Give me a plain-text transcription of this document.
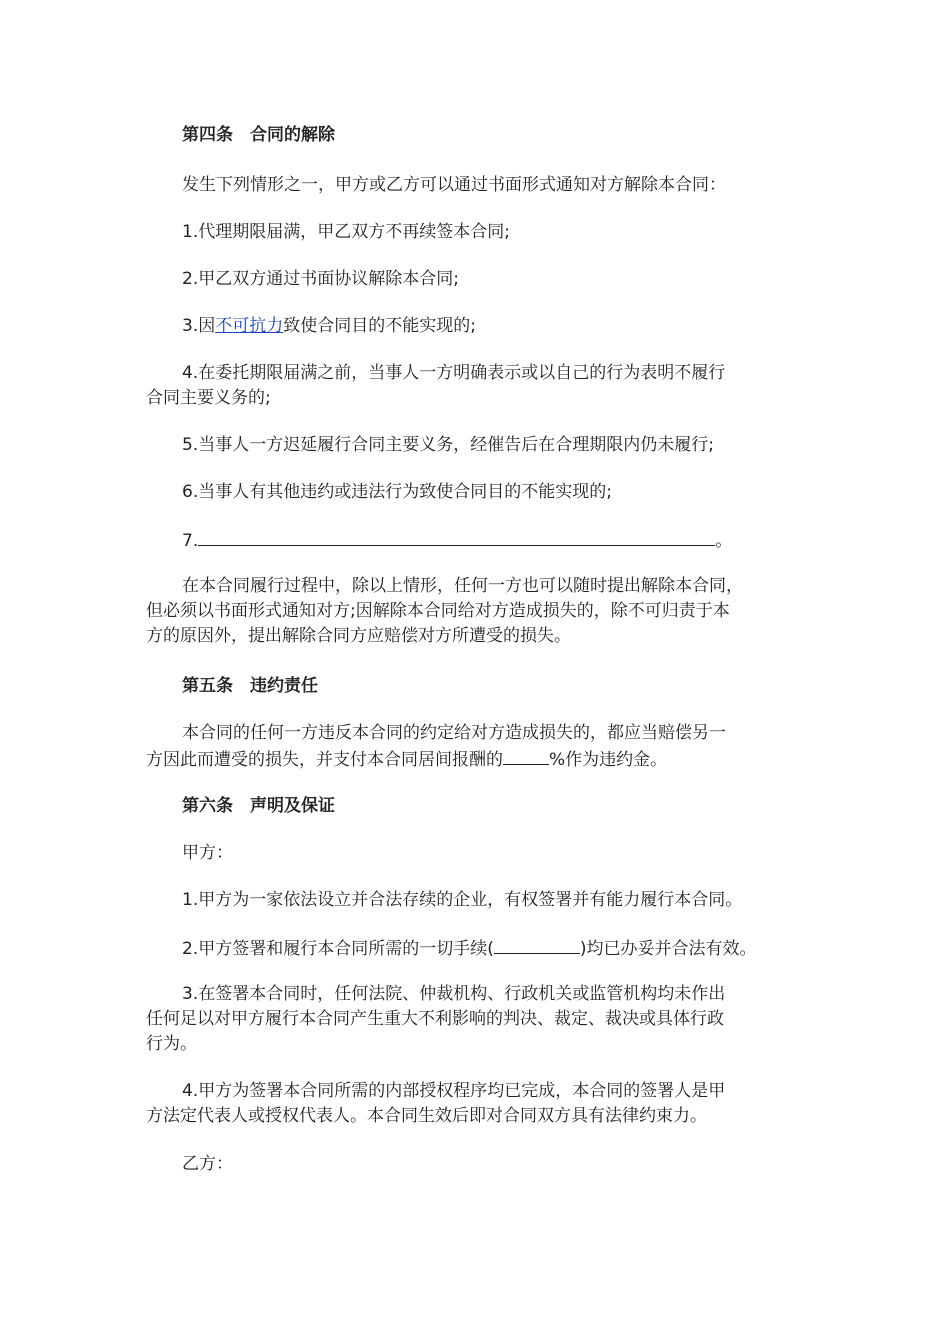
第四条　合同的解除

发生下列情形之一，甲方或乙方可以通过书面形式通知对方解除本合同：

1.代理期限届满，甲乙双方不再续签本合同;

2.甲乙双方通过书面协议解除本合同;

3.因不可抗力致使合同目的不能实现的;

4.在委托期限届满之前，当事人一方明确表示或以自己的行为表明不履行

合同主要义务的;

5.当事人一方迟延履行合同主要义务，经催告后在合理期限内仍未履行;

6.当事人有其他违约或违法行为致使合同目的不能实现的;

7.	。

在本合同履行过程中，除以上情形，任何一方也可以随时提出解除本合同，

但必须以书面形式通知对方;因解除本合同给对方造成损失的，除不可归责于本

方的原因外，提出解除合同方应赔偿对方所遭受的损失。

第五条　违约责任

本合同的任何一方违反本合同的约定给对方造成损失的，都应当赔偿另一

方因此而遭受的损失，并支付本合同居间报酬的	%作为违约金。

第六条　声明及保证

甲方：

1.甲方为一家依法设立并合法存续的企业，有权签署并有能力履行本合同。

2.甲方签署和履行本合同所需的一切手续(	)均已办妥并合法有效。

3.在签署本合同时，任何法院、仲裁机构、行政机关或监管机构均未作出

任何足以对甲方履行本合同产生重大不利影响的判决、裁定、裁决或具体行政

行为。

4.甲方为签署本合同所需的内部授权程序均已完成，本合同的签署人是甲

方法定代表人或授权代表人。本合同生效后即对合同双方具有法律约束力。

乙方：
